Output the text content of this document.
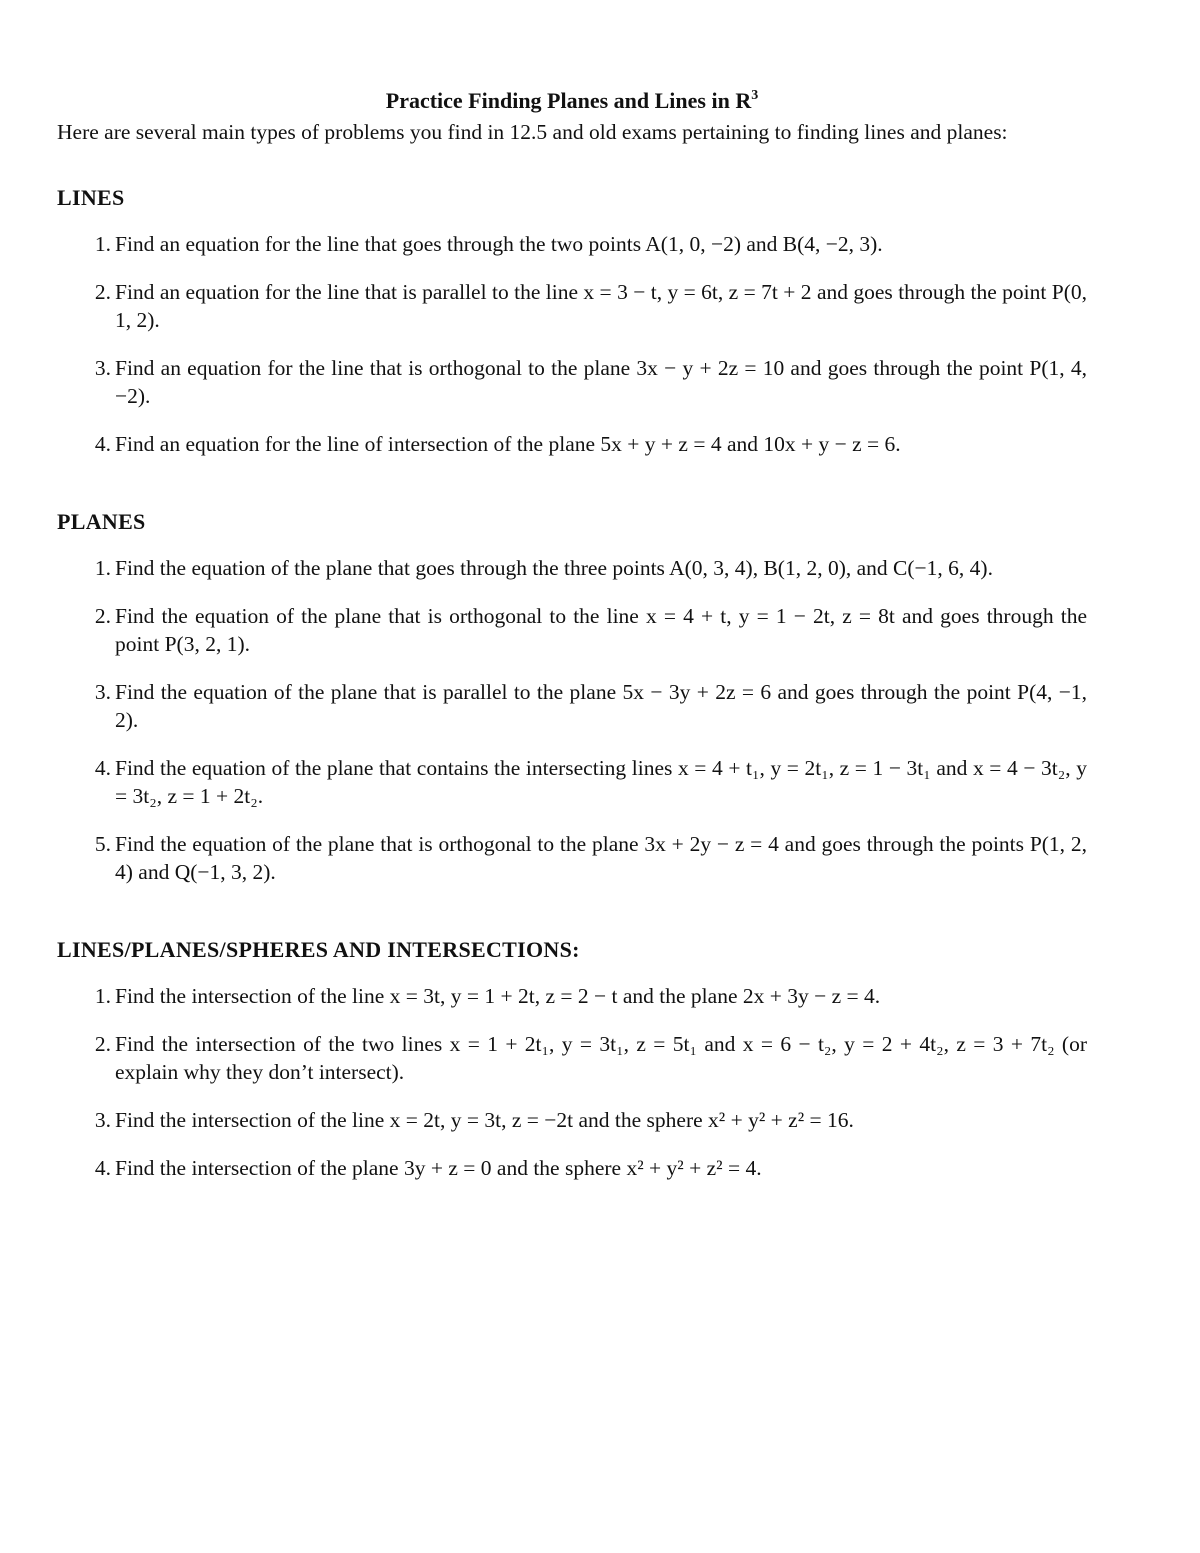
Practice Finding Planes and Lines in $R^3$

Here are several main types of problems you find in 12.5 and old exams pertaining to finding lines and planes:

LINES
1. Find an equation for the line that goes through the two points A(1, 0, −2) and B(4, −2, 3).
2. Find an equation for the line that is parallel to the line x = 3 − t, y = 6t, z = 7t + 2 and goes through the point P(0, 1, 2).
3. Find an equation for the line that is orthogonal to the plane 3x − y + 2z = 10 and goes through the point P(1, 4, −2).
4. Find an equation for the line of intersection of the plane 5x + y + z = 4 and 10x + y − z = 6.
PLANES
1. Find the equation of the plane that goes through the three points A(0, 3, 4), B(1, 2, 0), and C(−1, 6, 4).
2. Find the equation of the plane that is orthogonal to the line x = 4 + t, y = 1 − 2t, z = 8t and goes through the point P(3, 2, 1).
3. Find the equation of the plane that is parallel to the plane 5x − 3y + 2z = 6 and goes through the point P(4, −1, 2).
4. Find the equation of the plane that contains the intersecting lines x = 4 + t₁, y = 2t₁, z = 1 − 3t₁ and x = 4 − 3t₂, y = 3t₂, z = 1 + 2t₂.
5. Find the equation of the plane that is orthogonal to the plane 3x + 2y − z = 4 and goes through the points P(1, 2, 4) and Q(−1, 3, 2).
LINES/PLANES/SPHERES AND INTERSECTIONS:
1. Find the intersection of the line x = 3t, y = 1 + 2t, z = 2 − t and the plane 2x + 3y − z = 4.
2. Find the intersection of the two lines x = 1 + 2t₁, y = 3t₁, z = 5t₁ and x = 6 − t₂, y = 2 + 4t₂, z = 3 + 7t₂ (or explain why they don’t intersect).
3. Find the intersection of the line x = 2t, y = 3t, z = −2t and the sphere x² + y² + z² = 16.
4. Find the intersection of the plane 3y + z = 0 and the sphere x² + y² + z² = 4.
